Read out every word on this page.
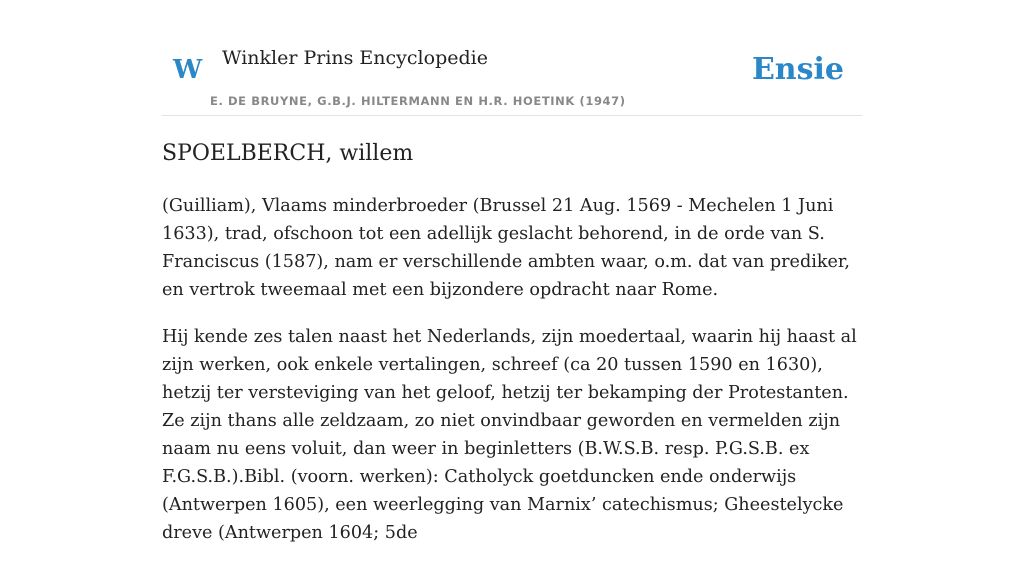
W Winkler Prins Encyclopedie
E. DE BRUYNE, G.B.J. HILTERMANN EN H.R. HOETINK (1947)
Ensie
SPOELBERCH, willem

(Guilliam), Vlaams minderbroeder (Brussel 21 Aug. 1569 - Mechelen 1 Juni 1633), trad, ofschoon tot een adellijk geslacht behorend, in de orde van S. Franciscus (1587), nam er verschillende ambten waar, o.m. dat van prediker, en vertrok tweemaal met een bijzondere opdracht naar Rome.

Hij kende zes talen naast het Nederlands, zijn moedertaal, waarin hij haast al zijn werken, ook enkele vertalingen, schreef (ca 20 tussen 1590 en 1630), hetzij ter versteviging van het geloof, hetzij ter bekamping der Protestanten. Ze zijn thans alle zeldzaam, zo niet onvindbaar geworden en vermelden zijn naam nu eens voluit, dan weer in beginletters (B.W.S.B. resp. P.G.S.B. ex F.G.S.B.).Bibl. (voorn. werken): Catholyck goetduncken ende onderwijs (Antwerpen 1605), een weerlegging van Marnix’ catechismus; Gheestelycke dreve (Antwerpen 1604; 5de
